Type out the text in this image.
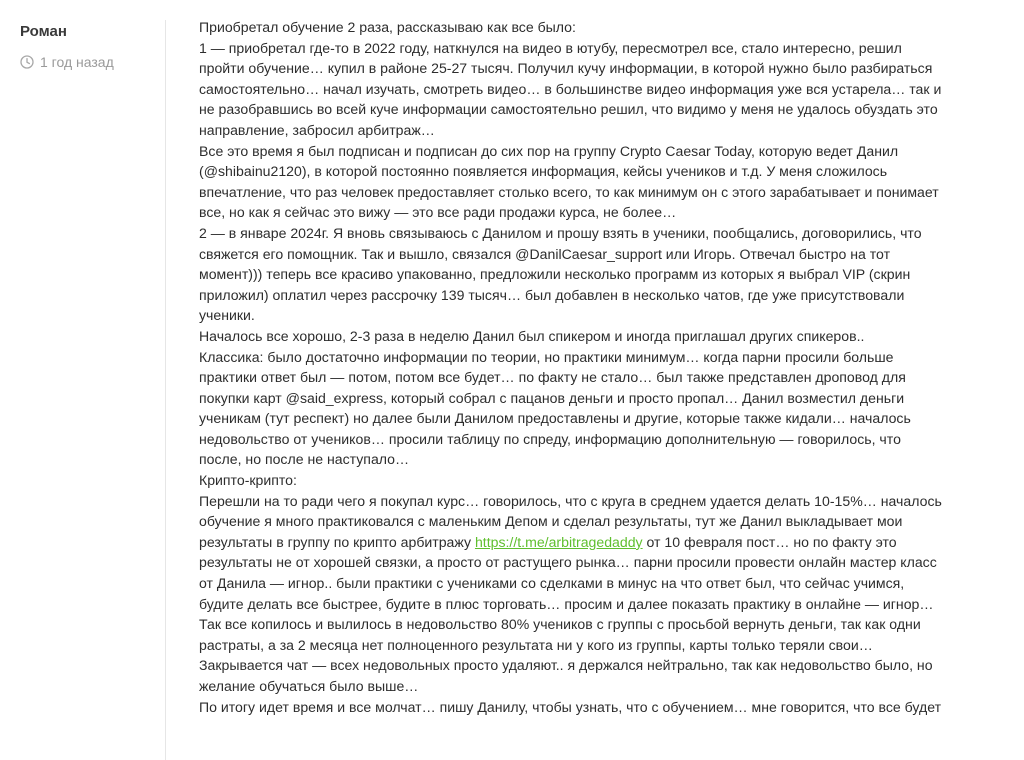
Роман
1 год назад

Приобретал обучение 2 раза, рассказываю как все было:

1 — приобретал где-то в 2022 году, наткнулся на видео в ютубу, пересмотрел все, стало интересно, решил

пройти обучение… купил в районе 25-27 тысяч. Получил кучу информации, в которой нужно было разбираться

самостоятельно… начал изучать, смотреть видео… в большинстве видео информация уже вся устарела… так и

не разобравшись во всей куче информации самостоятельно решил, что видимо у меня не удалось обуздать это

направление, забросил арбитраж…

Все это время я был подписан и подписан до сих пор на группу Crypto Caesar Today, которую ведет Данил

(@shibainu2120), в которой постоянно появляется информация, кейсы учеников и т.д. У меня сложилось

впечатление, что раз человек предоставляет столько всего, то как минимум он с этого зарабатывает и понимает

все, но как я сейчас это вижу — это все ради продажи курса, не более…

2 — в январе 2024г. Я вновь связываюсь с Данилом и прошу взять в ученики, пообщались, договорились, что

свяжется его помощник. Так и вышло, связался @DanilCaesar_support или Игорь. Отвечал быстро на тот

момент))) теперь все красиво упакованно, предложили несколько программ из которых я выбрал VIP (скрин

приложил) оплатил через рассрочку 139 тысяч… был добавлен в несколько чатов, где уже присутствовали

ученики.

Началось все хорошо, 2-3 раза в неделю Данил был спикером и иногда приглашал других спикеров..

Классика: было достаточно информации по теории, но практики минимум… когда парни просили больше

практики ответ был — потом, потом все будет… по факту не стало… был также представлен дроповод для

покупки карт @said_express, который собрал с пацанов деньги и просто пропал… Данил возместил деньги

ученикам (тут респект) но далее были Данилом предоставлены и другие, которые также кидали… началось

недовольство от учеников… просили таблицу по спреду, информацию дополнительную — говорилось, что

после, но после не наступало…

Крипто-крипто:

Перешли на то ради чего я покупал курс… говорилось, что с круга в среднем удается делать 10-15%… началось

обучение я много практиковался с маленьким Депом и сделал результаты, тут же Данил выкладывает мои

результаты в группу по крипто арбитражу https://t.me/arbitragedaddy от 10 февраля пост… но по факту это

результаты не от хорошей связки, а просто от растущего рынка… парни просили провести онлайн мастер класс

от Данила — игнор.. были практики с учениками со сделками в минус на что ответ был, что сейчас учимся,

будите делать все быстрее, будите в плюс торговать… просим и далее показать практику в онлайне — игнор…

Так все копилось и вылилось в недовольство 80% учеников с группы с просьбой вернуть деньги, так как одни

растраты, а за 2 месяца нет полноценного результата ни у кого из группы, карты только теряли свои…

Закрывается чат — всех недовольных просто удаляют.. я держался нейтрально, так как недовольство было, но

желание обучаться было выше…

По итогу идет время и все молчат… пишу Данилу, чтобы узнать, что с обучением… мне говорится, что все будет
